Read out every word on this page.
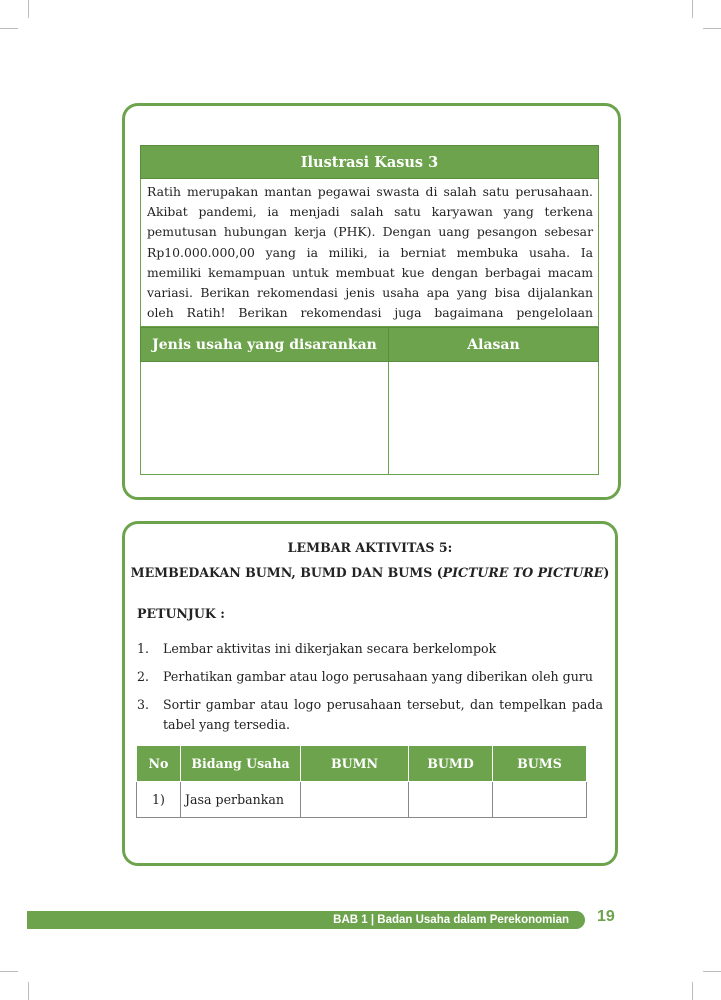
Ilustrasi Kasus 3
Ratih merupakan mantan pegawai swasta di salah satu perusahaan. Akibat pandemi, ia menjadi salah satu karyawan yang terkena pemutusan hubungan kerja (PHK). Dengan uang pesangon sebesar Rp10.000.000,00 yang ia miliki, ia berniat membuka usaha. Ia memiliki kemampuan untuk membuat kue dengan berbagai macam variasi. Berikan rekomendasi jenis usaha apa yang bisa dijalankan oleh Ratih! Berikan rekomendasi juga bagaimana pengelolaan
Jenis usaha yang disarankan	Alasan

LEMBAR AKTIVITAS 5:
MEMBEDAKAN BUMN, BUMD DAN BUMS (PICTURE TO PICTURE)
PETUNJUK :
1. Lembar aktivitas ini dikerjakan secara berkelompok
2. Perhatikan gambar atau logo perusahaan yang diberikan oleh guru
3. Sortir gambar atau logo perusahaan tersebut, dan tempelkan pada tabel yang tersedia.
No	Bidang Usaha	BUMN	BUMD	BUMS
1)	Jasa perbankan			
BAB 1 | Badan Usaha dalam Perekonomian 19
